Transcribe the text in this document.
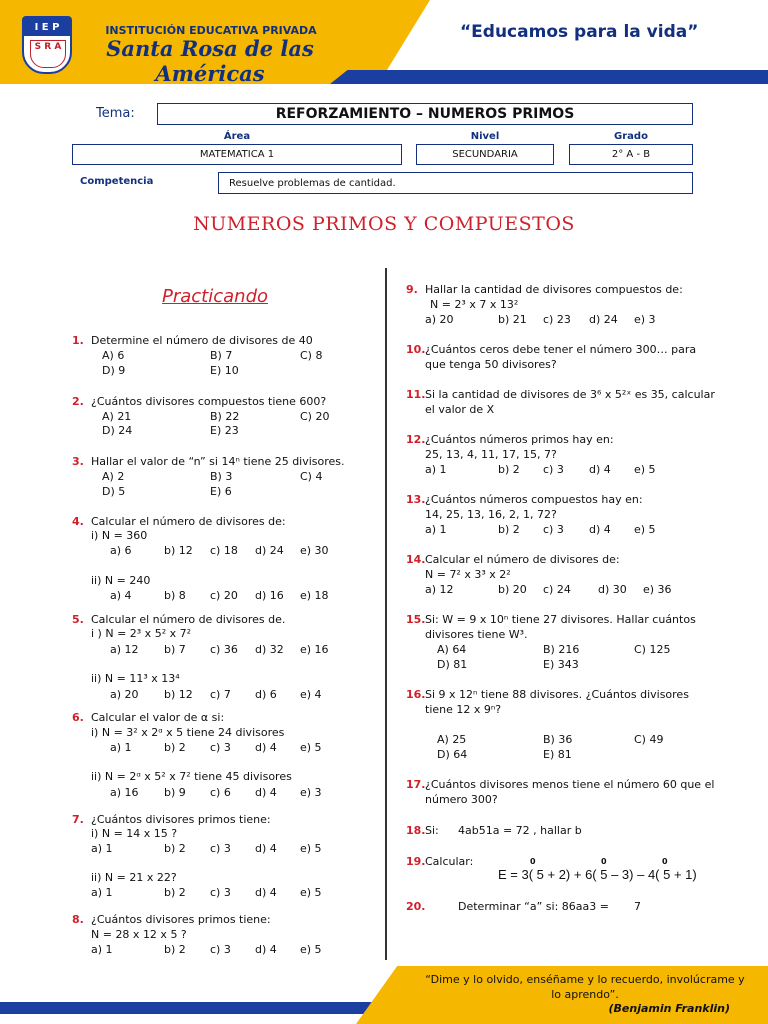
I E P
S R A
INSTITUCIÓN EDUCATIVA PRIVADA
Santa Rosa de las Américas
“Educamos para la vida”
Tema:	REFORZAMIENTO – NUMEROS PRIMOS
Área	Nivel	Grado
MATEMATICA 1	SECUNDARIA	2° A - B
Competencia	Resuelve problemas de cantidad.
NUMEROS PRIMOS Y COMPUESTOS
Practicando
1. Determine el número de divisores de 40
A) 6	B) 7	C) 8
D) 9	E) 10
2. ¿Cuántos divisores compuestos tiene 600?
A) 21	B) 22	C) 20
D) 24	E) 23
3. Hallar el valor de “n” si 14ⁿ tiene 25 divisores.
A) 2	B) 3	C) 4
D) 5	E) 6
4. Calcular el número de divisores de:
i) N = 360
a) 6	b) 12 c) 18 d) 24 e) 30
ii) N = 240
a) 4	b) 8 c) 20 d) 16 e) 18
5. Calcular el número de divisores de.
i ) N = 2³ x 5² x 7²
a) 12 b) 7 c) 36 d) 32 e) 16
ii) N = 11³ x 13⁴
a) 20 b) 12 c) 7 d) 6 e) 4
6. Calcular el valor de α si:
i) N = 3² x 2ᵅ x 5 tiene 24 divisores
a) 1	b) 2 c) 3 d) 4 e) 5
ii) N = 2ᵅ x 5² x 7² tiene 45 divisores
a) 16 b) 9 c) 6 d) 4 e) 3
7. ¿Cuántos divisores primos tiene:
i) N = 14 x 15 ?
a) 1	b) 2 c) 3 d) 4 e) 5
ii) N = 21 x 22?
a) 1	b) 2 c) 3 d) 4 e) 5
8. ¿Cuántos divisores primos tiene:
N = 28 x 12 x 5 ?
a) 1	b) 2 c) 3 d) 4 e) 5
9. Hallar la cantidad de divisores compuestos de:
N = 2³ x 7 x 13²
a) 20	b) 21 c) 23 d) 24 e) 3
10. ¿Cuántos ceros debe tener el número 300… para
que tenga 50 divisores?
11. Si la cantidad de divisores de 3⁶ x 5²ˣ es 35, calcular
el valor de X
12. ¿Cuántos números primos hay en:
25, 13, 4, 11, 17, 15, 7?
a) 1	b) 2 c) 3 d) 4 e) 5
13. ¿Cuántos números compuestos hay en:
14, 25, 13, 16, 2, 1, 72?
a) 1	b) 2 c) 3 d) 4 e) 5
14. Calcular el número de divisores de:
N = 7² x 3³ x 2²
a) 12	b) 20 c) 24 d) 30 e) 36
15. Si: W = 9 x 10ⁿ tiene 27 divisores. Hallar cuántos
divisores tiene W³.
A) 64	B) 216	C) 125
D) 81	E) 343
16. Si 9 x 12ⁿ tiene 88 divisores. ¿Cuántos divisores
tiene 12 x 9ⁿ?
A) 25	B) 36	C) 49
D) 64	E) 81
17. ¿Cuántos divisores menos tiene el número 60 que el
número 300?
18. Si: 4ab51a = 72 , hallar b
19. Calcular:	0	0	0
E = 3( 5 + 2) + 6( 5 – 3) – 4( 5 + 1)
20.	Determinar “a” si: 86aa3 = 7
“Dime y lo olvido, enséñame y lo recuerdo, involúcrame y lo aprendo”.
(Benjamin Franklin)
